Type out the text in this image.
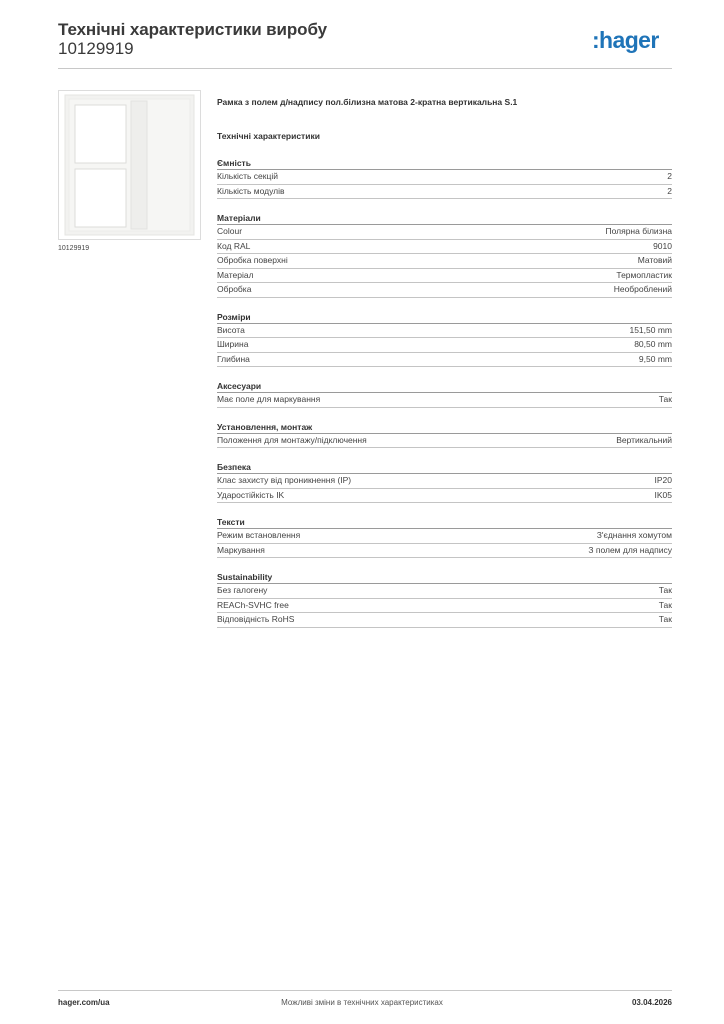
Технічні характеристики виробу
10129919	:hager
10129919
Рамка з полем д/надпису пол.білизна матова 2-кратна вертикальна S.1
Технічні характеристики
Ємність
Кількість секцій	2
Кількість модулів	2
Матеріали
Colour	Полярна білизна
Код RAL	9010
Обробка поверхні	Матовий
Матеріал	Термопластик
Обробка	Необроблений
Розміри
Висота	151,50 mm
Ширина	80,50 mm
Глибина	9,50 mm
Аксесуари
Має поле для маркування	Так
Установлення, монтаж
Положення для монтажу/підключення	Вертикальний
Безпека
Клас захисту від проникнення (IP)	IP20
Ударостійкість IK	IK05
Тексти
Режим встановлення	З'єднання хомутом
Маркування	З полем для надпису
Sustainability
Без галогену	Так
REACh-SVHC free	Так
Відповідність RoHS	Так
hager.com/ua	Можливі зміни в технічних характеристиках	03.04.2026
